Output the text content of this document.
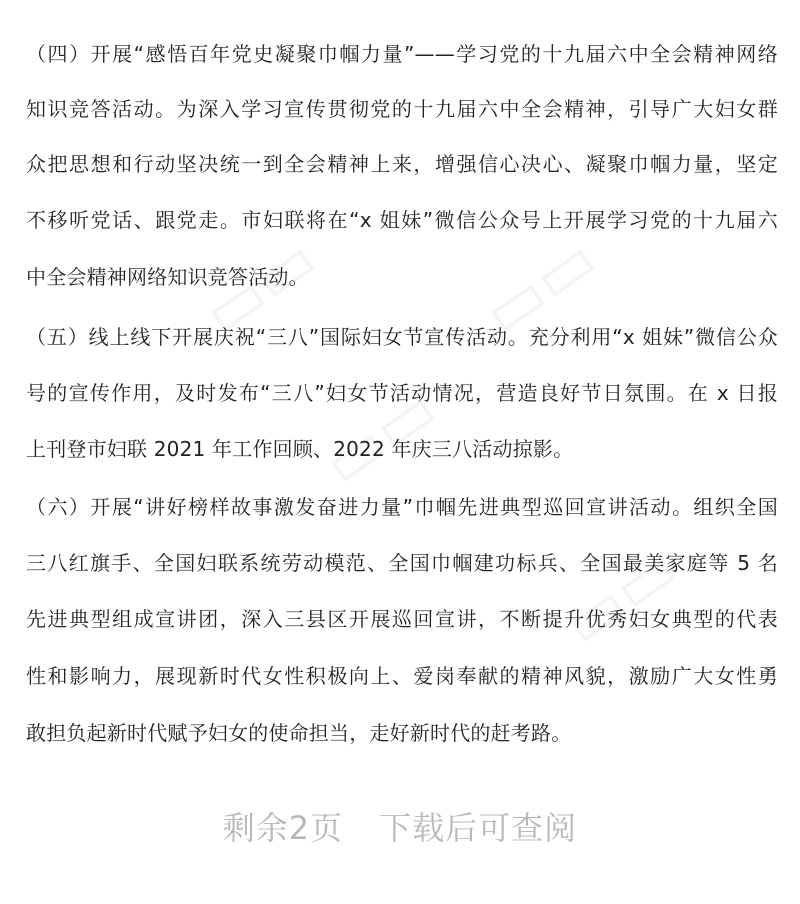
（四）开展“感悟百年党史凝聚巾帼力量”——学习党的十九届六中全会精神网络
知识竞答活动。为深入学习宣传贯彻党的十九届六中全会精神，引导广大妇女群
众把思想和行动坚决统一到全会精神上来，增强信心决心、凝聚巾帼力量，坚定
不移听党话、跟党走。市妇联将在“x 姐妹”微信公众号上开展学习党的十九届六
中全会精神网络知识竞答活动。
（五）线上线下开展庆祝“三八”国际妇女节宣传活动。充分利用“x 姐妹”微信公众
号的宣传作用，及时发布“三八”妇女节活动情况，营造良好节日氛围。在 x 日报
上刊登市妇联 2021 年工作回顾、2022 年庆三八活动掠影。
（六）开展“讲好榜样故事激发奋进力量”巾帼先进典型巡回宣讲活动。组织全国
三八红旗手、全国妇联系统劳动模范、全国巾帼建功标兵、全国最美家庭等 5 名
先进典型组成宣讲团，深入三县区开展巡回宣讲，不断提升优秀妇女典型的代表
性和影响力，展现新时代女性积极向上、爱岗奉献的精神风貌，激励广大女性勇
敢担负起新时代赋予妇女的使命担当，走好新时代的赶考路。
剩余2页 下载后可查阅
